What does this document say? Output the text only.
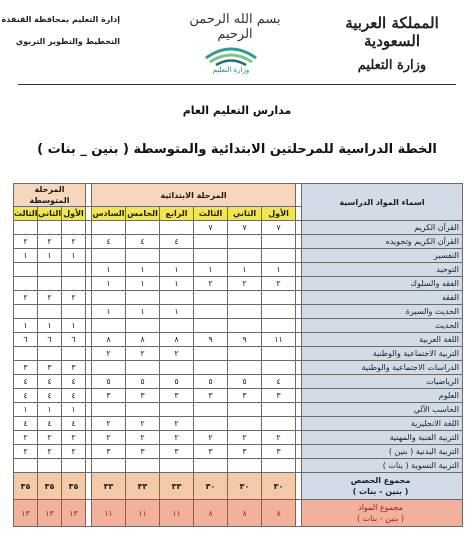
إدارة التعليم بمحافظة القنفذة
التخطيط والتطوير التربوي
بسم الله الرحمن الرحيم
وزارة التعليم
المملكة العربية السعودية
وزارة التعليم
مدارس التعليم العام
الخطة الدراسية للمرحلتين الابتدائية والمتوسطة ( بنين _ بنات )
المرحلة المتوسطة				المرحلة الابتدائية							اسماء المواد الدراسية
الثالث	الثاني	الأول		السادس	الخامس	الرابع	الثالث	الثاني	الأول		
							٧	٧	٧		القرآن الكريم
٢	٢	٢		٤	٤	٤					القرآن الكريم وتجويده
١	١	١									التفسير
				١	١	١	١	١	١		التوحيد
				١	١	١	٢	٢	٢		الفقه والسلوك
٢	٢	٢									الفقه
				١	١	١					الحديث والسيرة
١	١	١									الحديث
٦	٦	٦		٨	٨	٨	٩	٩	١١		اللغة العربية
				٢	٢	٢					التربية الاجتماعية والوطنية
٣	٣	٣									الدراسات الاجتماعية والوطنية
٤	٤	٤		٥	٥	٥	٥	٥	٤		الرياضيات
٤	٤	٤		٣	٣	٣	٣	٣	٣		العلوم
١	١	١									الحاسب الآلي
٤	٤	٤		٢	٢	٢					اللغة الانجليزية
٢	٢	٢		٢	٢	٢	٢	٢	٢		التربية الفنية والمهنية
٢	٢	٢		٣	٣	٣	٣	٣	٣		التربية البدنية ( بنين )
											التربية النسوية ( بنات )
٣٥	٣٥	٣٥		٣٣	٣٣	٣٣	٣٠	٣٠	٣٠		مجموع الحصص
( بنين - بنات )

١٣	١٣	١٣		١١	١١	١١	٨	٨	٨		مجموع المواد
( بنين - بنات )
